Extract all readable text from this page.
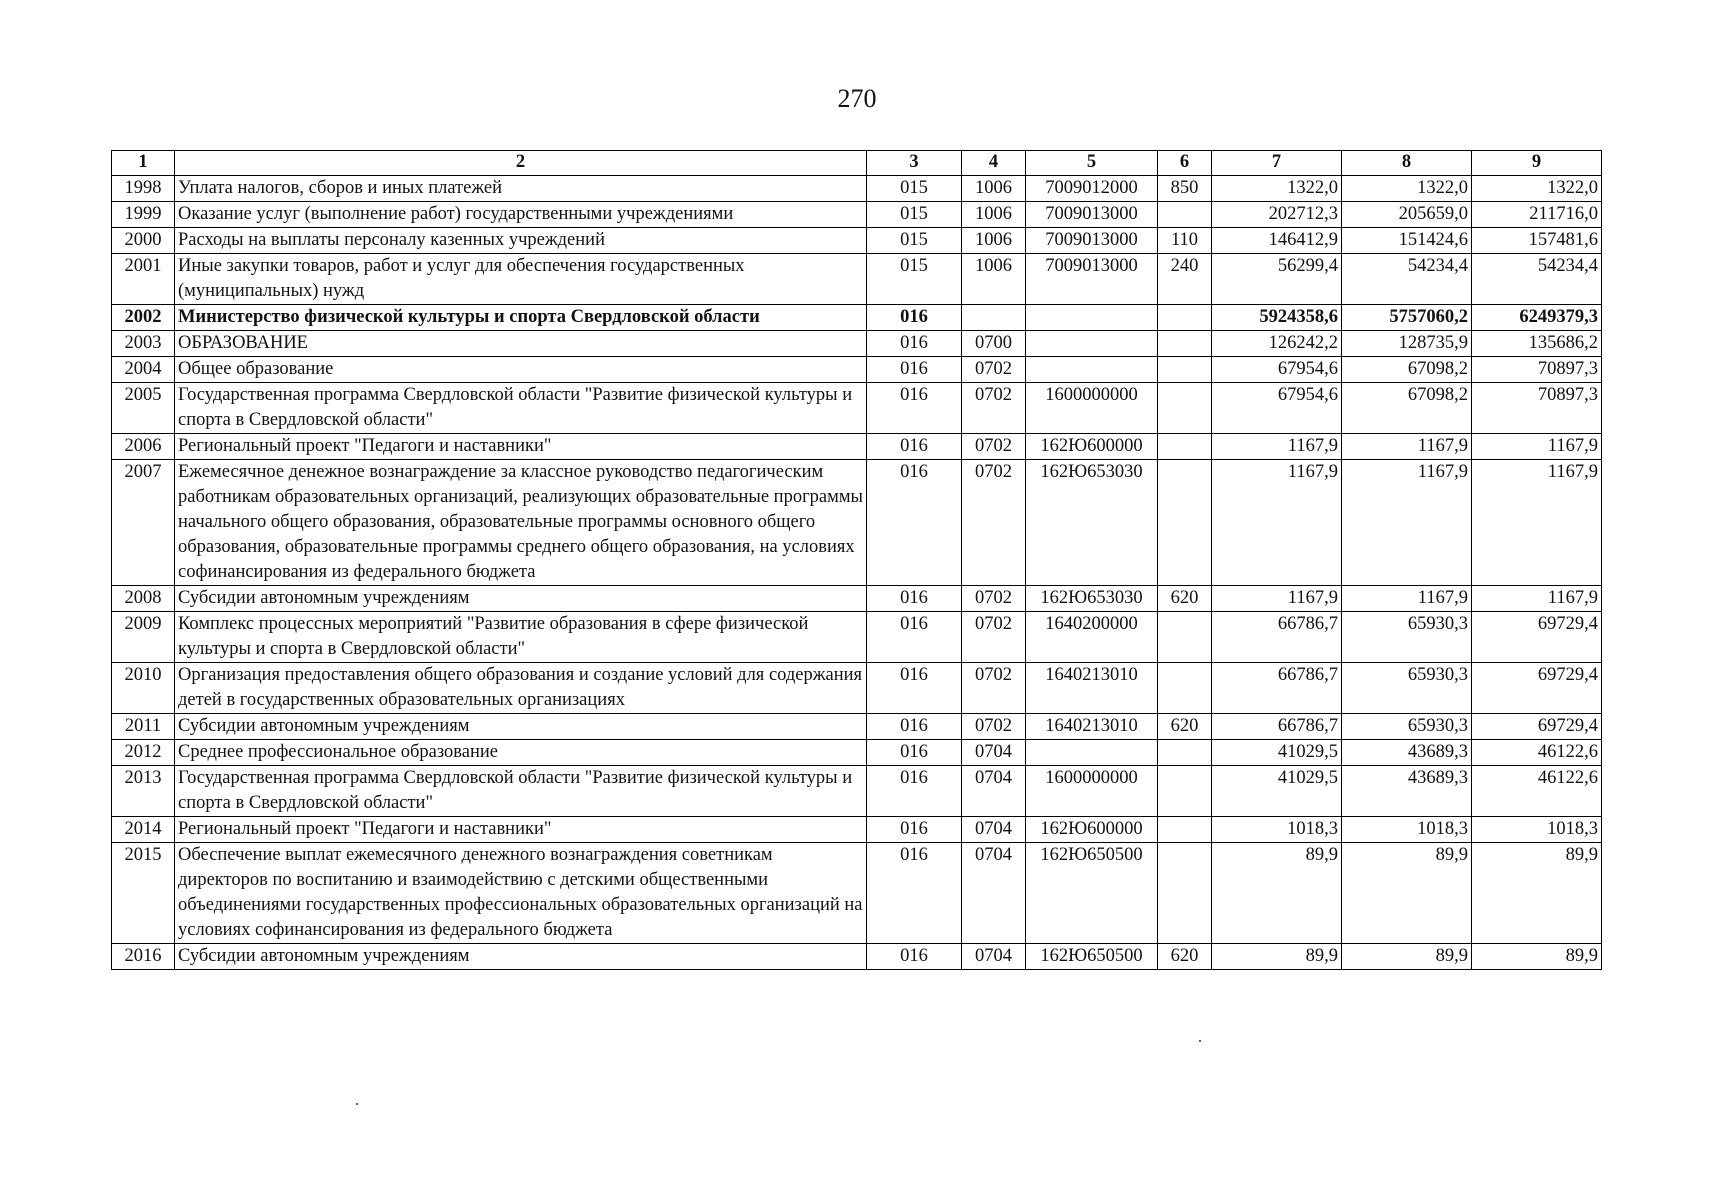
270
1	2	3	4	5	6	7	8	9
1998	Уплата налогов, сборов и иных платежей	015	1006	7009012000	850	1322,0	1322,0	1322,0
1999	Оказание услуг (выполнение работ) государственными учреждениями	015	1006	7009013000		202712,3	205659,0	211716,0
2000	Расходы на выплаты персоналу казенных учреждений	015	1006	7009013000	110	146412,9	151424,6	157481,6
2001	Иные закупки товаров, работ и услуг для обеспечения государственных (муниципальных) нужд	015	1006	7009013000	240	56299,4	54234,4	54234,4
2002	Министерство физической культуры и спорта Свердловской области	016				5924358,6	5757060,2	6249379,3
2003	ОБРАЗОВАНИЕ	016	0700			126242,2	128735,9	135686,2
2004	Общее образование	016	0702			67954,6	67098,2	70897,3
2005	Государственная программа Свердловской области "Развитие физической культуры и спорта в Свердловской области"	016	0702	1600000000		67954,6	67098,2	70897,3
2006	Региональный проект "Педагоги и наставники"	016	0702	162Ю600000		1167,9	1167,9	1167,9
2007	Ежемесячное денежное вознаграждение за классное руководство педагогическим работникам образовательных организаций, реализующих образовательные программы начального общего образования, образовательные программы основного общего образования, образовательные программы среднего общего образования, на условиях софинансирования из федерального бюджета	016	0702	162Ю653030		1167,9	1167,9	1167,9
2008	Субсидии автономным учреждениям	016	0702	162Ю653030	620	1167,9	1167,9	1167,9
2009	Комплекс процессных мероприятий "Развитие образования в сфере физической культуры и спорта в Свердловской области"	016	0702	1640200000		66786,7	65930,3	69729,4
2010	Организация предоставления общего образования и создание условий для содержания детей в государственных образовательных организациях	016	0702	1640213010		66786,7	65930,3	69729,4
2011	Субсидии автономным учреждениям	016	0702	1640213010	620	66786,7	65930,3	69729,4
2012	Среднее профессиональное образование	016	0704			41029,5	43689,3	46122,6
2013	Государственная программа Свердловской области "Развитие физической культуры и спорта в Свердловской области"	016	0704	1600000000		41029,5	43689,3	46122,6
2014	Региональный проект "Педагоги и наставники"	016	0704	162Ю600000		1018,3	1018,3	1018,3
2015	Обеспечение выплат ежемесячного денежного вознаграждения советникам директоров по воспитанию и взаимодействию с детскими общественными объединениями государственных профессиональных образовательных организаций на условиях софинансирования из федерального бюджета	016	0704	162Ю650500		89,9	89,9	89,9
2016	Субсидии автономным учреждениям	016	0704	162Ю650500	620	89,9	89,9	89,9
